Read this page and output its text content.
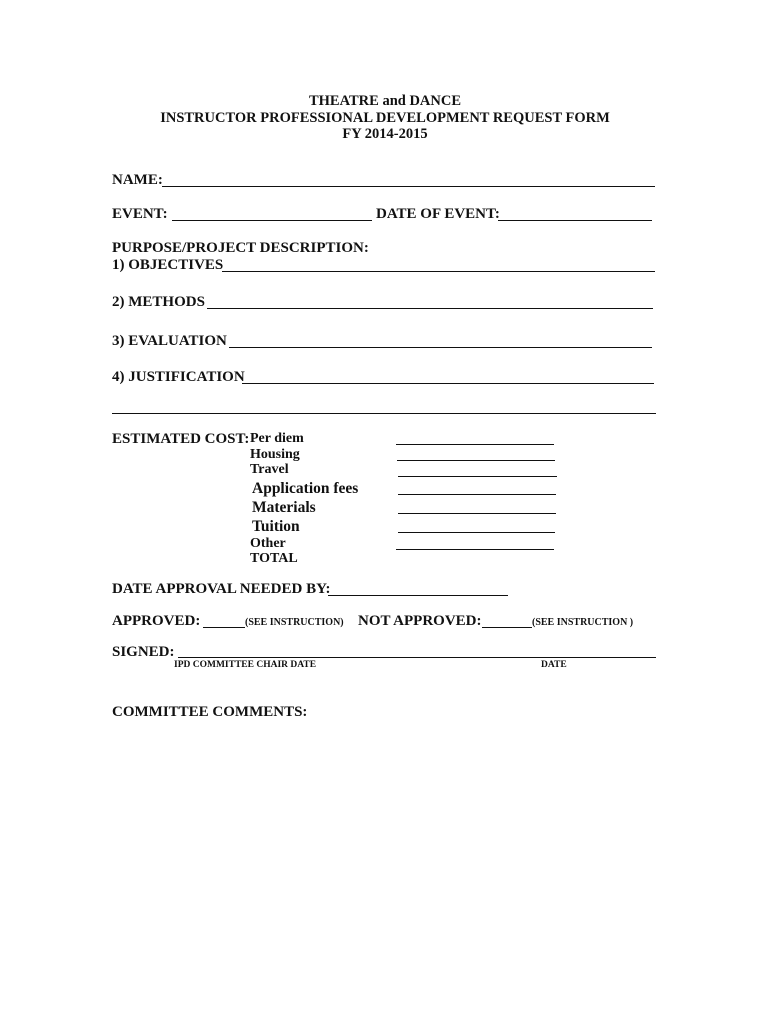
THEATRE and DANCE
INSTRUCTOR PROFESSIONAL DEVELOPMENT REQUEST FORM
FY 2014-2015
NAME:
EVENT:	DATE OF EVENT:
PURPOSE/PROJECT DESCRIPTION:
1) OBJECTIVES
2) METHODS
3) EVALUATION
4) JUSTIFICATION
ESTIMATED COST: Per diem
Housing
Travel
Application fees
Materials
Tuition
Other
TOTAL
DATE APPROVAL NEEDED BY:
APPROVED:	(SEE INSTRUCTION) NOT APPROVED:	(SEE INSTRUCTION )
SIGNED:
IPD COMMITTEE CHAIR DATE	DATE
COMMITTEE COMMENTS:
